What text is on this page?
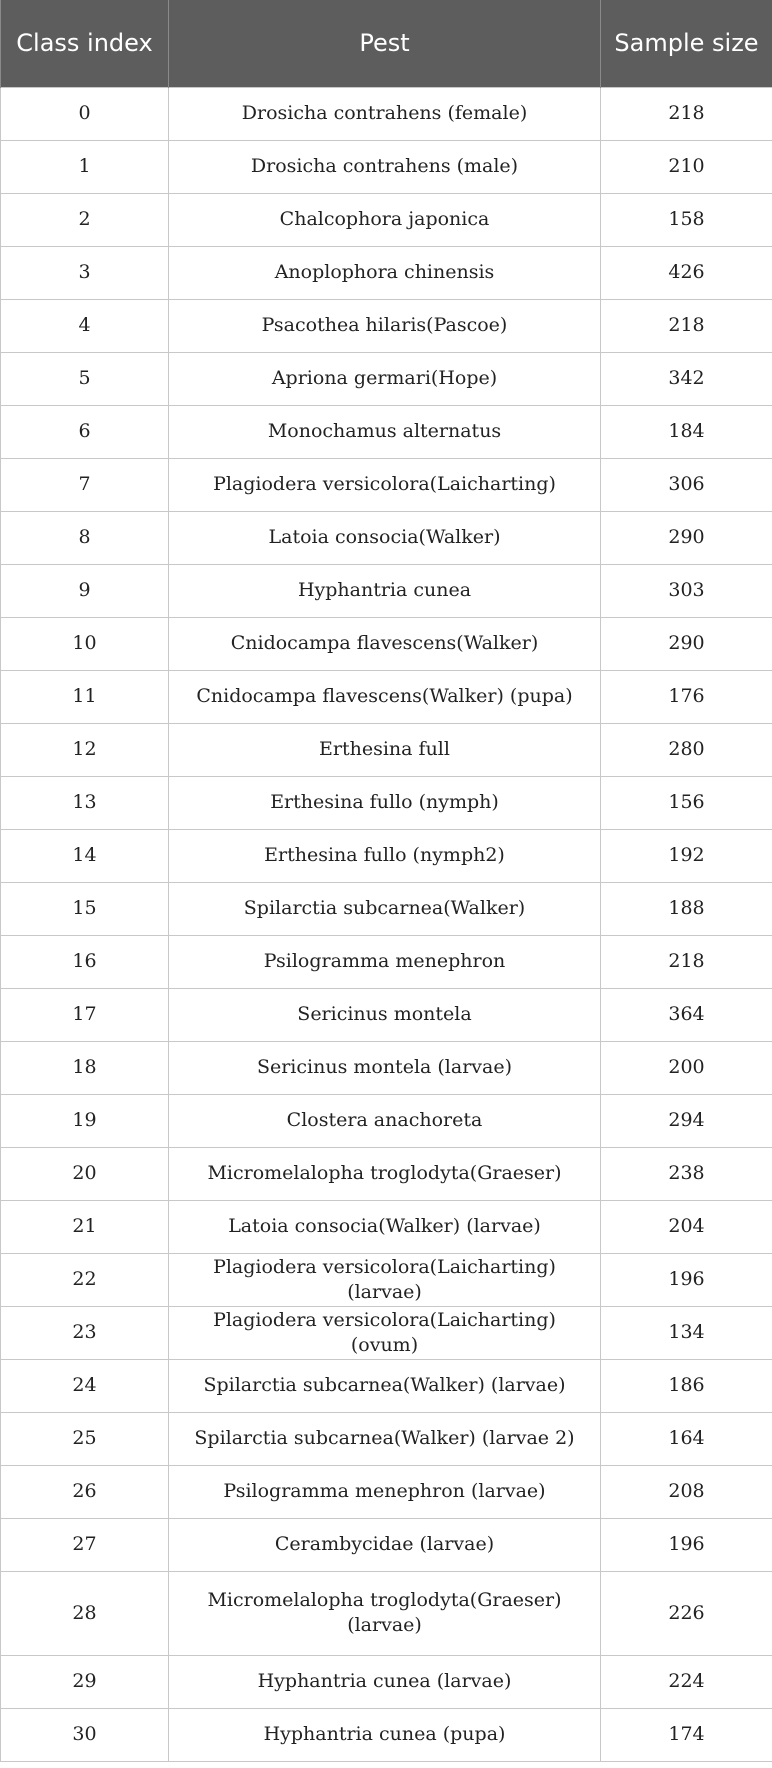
Class index	Pest	Sample size
0	Drosicha contrahens (female)	218
1	Drosicha contrahens (male)	210
2	Chalcophora japonica	158
3	Anoplophora chinensis	426
4	Psacothea hilaris(Pascoe)	218
5	Apriona germari(Hope)	342
6	Monochamus alternatus	184
7	Plagiodera versicolora(Laicharting)	306
8	Latoia consocia(Walker)	290
9	Hyphantria cunea	303
10	Cnidocampa flavescens(Walker)	290
11	Cnidocampa flavescens(Walker) (pupa)	176
12	Erthesina full	280
13	Erthesina fullo (nymph)	156
14	Erthesina fullo (nymph2)	192
15	Spilarctia subcarnea(Walker)	188
16	Psilogramma menephron	218
17	Sericinus montela	364
18	Sericinus montela (larvae)	200
19	Clostera anachoreta	294
20	Micromelalopha troglodyta(Graeser)	238
21	Latoia consocia(Walker) (larvae)	204
22	Plagiodera versicolora(Laicharting) (larvae)	196
23	Plagiodera versicolora(Laicharting) (ovum)	134
24	Spilarctia subcarnea(Walker) (larvae)	186
25	Spilarctia subcarnea(Walker) (larvae 2)	164
26	Psilogramma menephron (larvae)	208
27	Cerambycidae (larvae)	196
28	Micromelalopha troglodyta(Graeser) (larvae)	226
29	Hyphantria cunea (larvae)	224
30	Hyphantria cunea (pupa)	174
